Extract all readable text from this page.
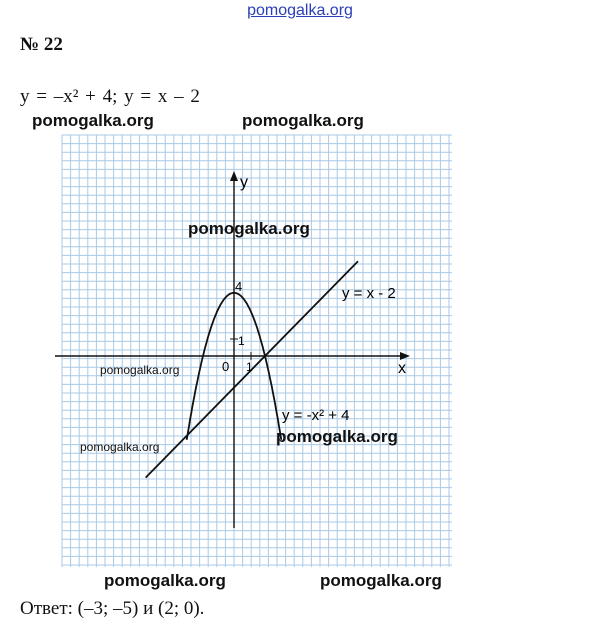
pomogalka.org
№ 22
y = –x² + 4; y = x – 2
x
y
0 1
1
4	y = x - 2
y = -x² + 4
pomogalka.org	pomogalka.org
pomogalka.org
pomogalka.org
pomogalka.org
pomogalka.org
pomogalka.org	pomogalka.org
Ответ: (–3; –5) и (2; 0).
